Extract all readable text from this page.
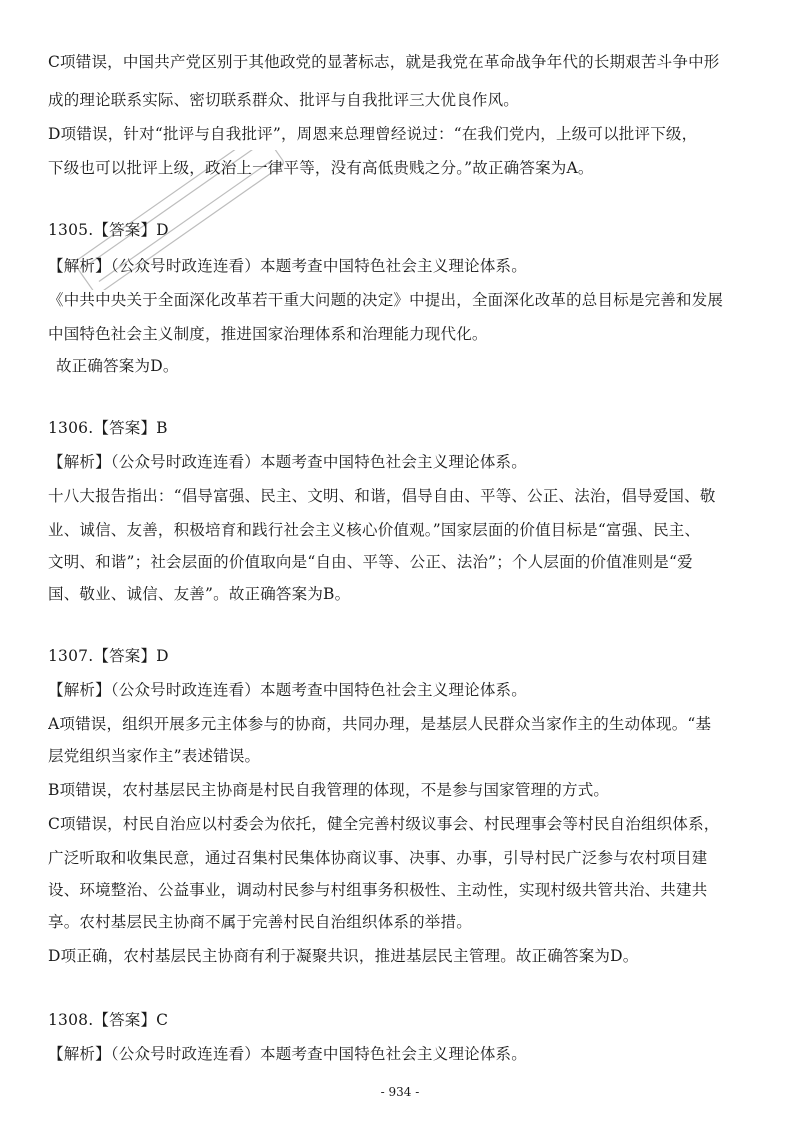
C项错误，中国共产党区别于其他政党的显著标志，就是我党在革命战争年代的长期艰苦斗争中形
成的理论联系实际、密切联系群众、批评与自我批评三大优良作风。
D项错误，针对“批评与自我批评”，周恩来总理曾经说过：“在我们党内，上级可以批评下级，
下级也可以批评上级，政治上一律平等，没有高低贵贱之分。”故正确答案为A。
1305.【答案】D
【解析】（公众号时政连连看）本题考查中国特色社会主义理论体系。
《中共中央关于全面深化改革若干重大问题的决定》中提出，全面深化改革的总目标是完善和发展
中国特色社会主义制度，推进国家治理体系和治理能力现代化。
故正确答案为D。
1306.【答案】B
【解析】（公众号时政连连看）本题考查中国特色社会主义理论体系。
十八大报告指出：“倡导富强、民主、文明、和谐，倡导自由、平等、公正、法治，倡导爱国、敬
业、诚信、友善，积极培育和践行社会主义核心价值观。”国家层面的价值目标是“富强、民主、
文明、和谐”；社会层面的价值取向是“自由、平等、公正、法治”；个人层面的价值准则是“爱
国、敬业、诚信、友善”。故正确答案为B。
1307.【答案】D
【解析】（公众号时政连连看）本题考查中国特色社会主义理论体系。
A项错误，组织开展多元主体参与的协商，共同办理，是基层人民群众当家作主的生动体现。“基
层党组织当家作主”表述错误。
B项错误，农村基层民主协商是村民自我管理的体现，不是参与国家管理的方式。
C项错误，村民自治应以村委会为依托，健全完善村级议事会、村民理事会等村民自治组织体系，
广泛听取和收集民意，通过召集村民集体协商议事、决事、办事，引导村民广泛参与农村项目建
设、环境整治、公益事业，调动村民参与村组事务积极性、主动性，实现村级共管共治、共建共
享。农村基层民主协商不属于完善村民自治组织体系的举措。
D项正确，农村基层民主协商有利于凝聚共识，推进基层民主管理。故正确答案为D。
1308.【答案】C
【解析】（公众号时政连连看）本题考查中国特色社会主义理论体系。
- 934 -
